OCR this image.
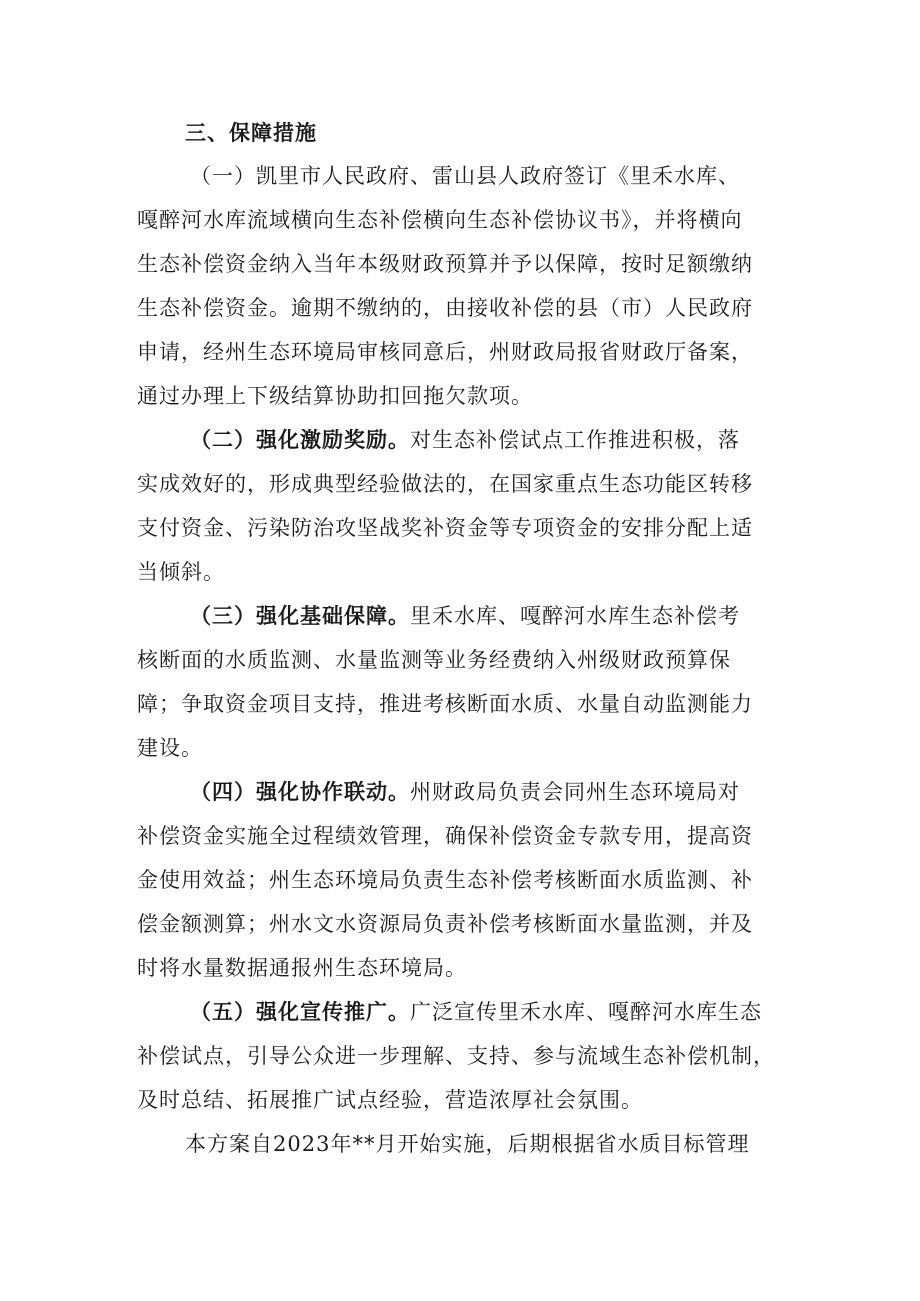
三、保障措施
（一）凯里市人民政府、雷山县人政府签订《里禾水库、
嘎醉河水库流域横向生态补偿横向生态补偿协议书》，并将横向
生态补偿资金纳入当年本级财政预算并予以保障，按时足额缴纳
生态补偿资金。逾期不缴纳的，由接收补偿的县（市）人民政府
申请，经州生态环境局审核同意后，州财政局报省财政厅备案，
通过办理上下级结算协助扣回拖欠款项。
（二）强化激励奖励。对生态补偿试点工作推进积极，落
实成效好的，形成典型经验做法的，在国家重点生态功能区转移
支付资金、污染防治攻坚战奖补资金等专项资金的安排分配上适
当倾斜。
（三）强化基础保障。里禾水库、嘎醉河水库生态补偿考
核断面的水质监测、水量监测等业务经费纳入州级财政预算保
障；争取资金项目支持，推进考核断面水质、水量自动监测能力
建设。
（四）强化协作联动。州财政局负责会同州生态环境局对
补偿资金实施全过程绩效管理，确保补偿资金专款专用，提高资
金使用效益；州生态环境局负责生态补偿考核断面水质监测、补
偿金额测算；州水文水资源局负责补偿考核断面水量监测，并及
时将水量数据通报州生态环境局。
（五）强化宣传推广。广泛宣传里禾水库、嘎醉河水库生态
补偿试点，引导公众进一步理解、支持、参与流域生态补偿机制，
及时总结、拓展推广试点经验，营造浓厚社会氛围。
本方案自2023年**月开始实施，后期根据省水质目标管理
